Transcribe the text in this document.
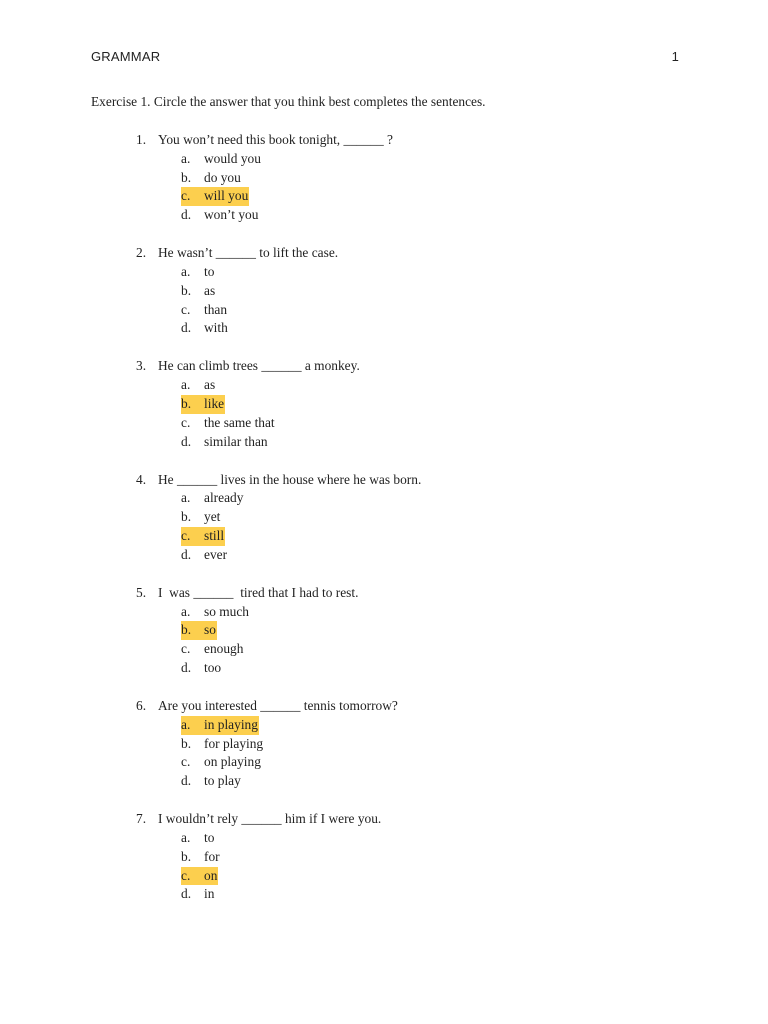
GRAMMAR	1
Exercise 1. Circle the answer that you think best completes the sentences.
1. You won’t need this book tonight, ______ ?
a. would you
b. do you
c. will you
d. won’t you
2. He wasn’t ______ to lift the case.
a. to
b. as
c. than
d. with
3. He can climb trees ______ a monkey.
a. as
b. like
c. the same that
d. similar than
4. He ______ lives in the house where he was born.
a. already
b. yet
c. still
d. ever
5. I  was ______  tired that I had to rest.
a. so much
b. so
c. enough
d. too
6. Are you interested ______ tennis tomorrow?
a. in playing
b. for playing
c. on playing
d. to play
7. I wouldn’t rely ______ him if I were you.
a. to
b. for
c. on
d. in
